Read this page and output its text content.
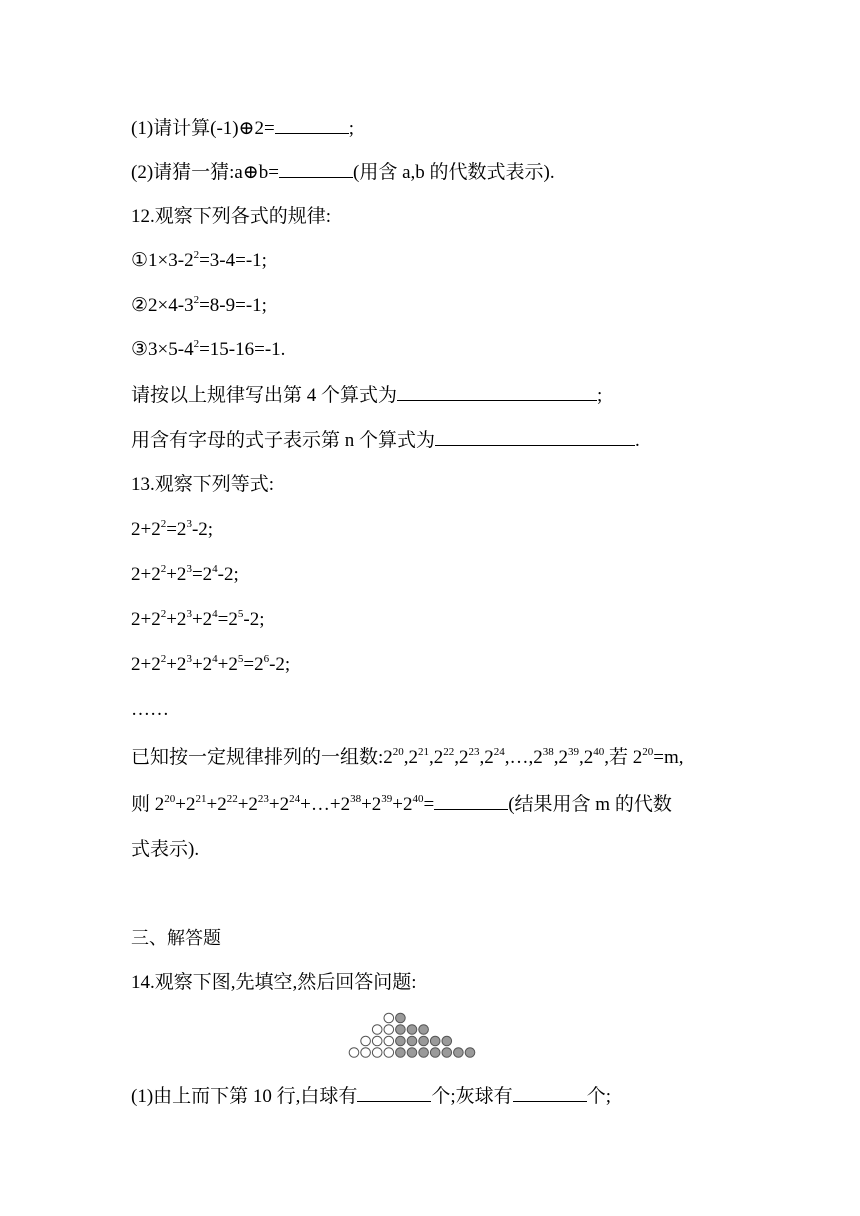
(1)请计算(-1)⊕2=	;
(2)请猜一猜:a⊕b=	(用含 a,b 的代数式表示).
12.观察下列各式的规律:
$①1\times 3-2^2=3-4=-1$;
$②2\times 4-3^2=8-9=-1$;
$③3\times 5-4^2=15-16=-1$.
请按以上规律写出第 4 个算式为	;
用含有字母的式子表示第 n 个算式为	.
13.观察下列等式:
$2+2^2=2^3-2$;
$2+2^2+2^3=2^4-2$;
$2+2^2+2^3+2^4=2^5-2$;
$2+2^2+2^3+2^4+2^5=2^6-2$;
……
已知按一定规律排列的一组数$:2^{20},2^{21},2^{22},2^{23},2^{24},\dots,2^{38},2^{39},2^{40}$,若 $2^{20}=m$,
则 $2^{20}+2^{21}+2^{22}+2^{23}+2^{24}+\dots+2^{38}+2^{39}+2^{40}=$	(结果用含 m 的代数
式表示).
三、解答题
14.观察下图,先填空,然后回答问题:
(1)由上而下第 10 行,白球有	个;灰球有	个;
